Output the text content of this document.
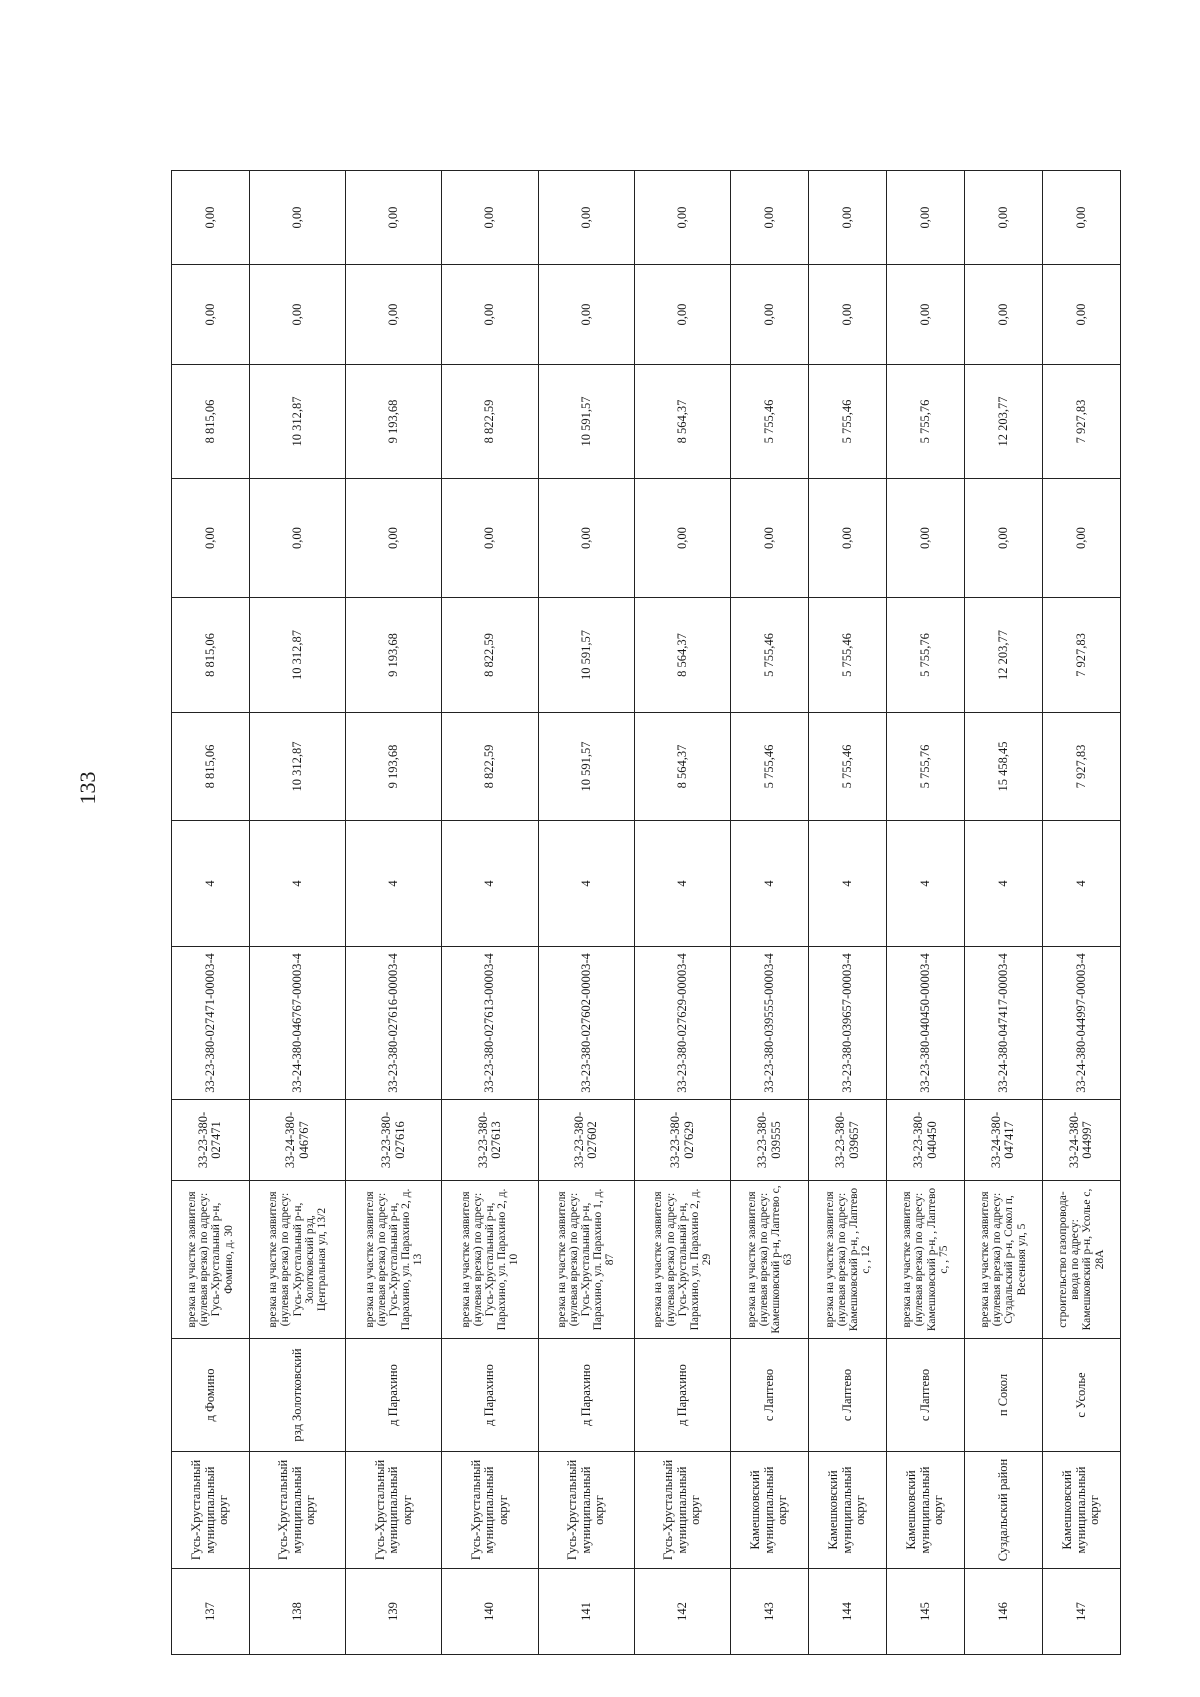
133
137	Гусь-Хрустальный муниципальный округ	д Фомино	врезка на участке заявителя (нулевая врезка) по адресу: Гусь-Хрустальный р-н, Фомино, д. 30	33-23-380-027471	33-23-380-027471-00003-4	4	8 815,06	8 815,06	0,00	8 815,06	0,00	0,00
138	Гусь-Хрустальный муниципальный округ	рзд Золотковский	врезка на участке заявителя (нулевая врезка) по адресу: Гусь-Хрустальный р-н, Золотковский рзд, Центральная ул, 13/2	33-24-380-046767	33-24-380-046767-00003-4	4	10 312,87	10 312,87	0,00	10 312,87	0,00	0,00
139	Гусь-Хрустальный муниципальный округ	д Парахино	врезка на участке заявителя (нулевая врезка) по адресу: Гусь-Хрустальный р-н, Парахино, ул. Парахино 2, д. 13	33-23-380-027616	33-23-380-027616-00003-4	4	9 193,68	9 193,68	0,00	9 193,68	0,00	0,00
140	Гусь-Хрустальный муниципальный округ	д Парахино	врезка на участке заявителя (нулевая врезка) по адресу: Гусь-Хрустальный р-н, Парахино, ул. Парахино 2, д. 10	33-23-380-027613	33-23-380-027613-00003-4	4	8 822,59	8 822,59	0,00	8 822,59	0,00	0,00
141	Гусь-Хрустальный муниципальный округ	д Парахино	врезка на участке заявителя (нулевая врезка) по адресу: Гусь-Хрустальный р-н, Парахино, ул. Парахино 1, д. 87	33-23-380-027602	33-23-380-027602-00003-4	4	10 591,57	10 591,57	0,00	10 591,57	0,00	0,00
142	Гусь-Хрустальный муниципальный округ	д Парахино	врезка на участке заявителя (нулевая врезка) по адресу: Гусь-Хрустальный р-н, Парахино, ул. Парахино 2, д. 29	33-23-380-027629	33-23-380-027629-00003-4	4	8 564,37	8 564,37	0,00	8 564,37	0,00	0,00
143	Камешковский муниципальный округ	с Лаптево	врезка на участке заявителя (нулевая врезка) по адресу: Камешковский р-н, Лаптево с, 63	33-23-380-039555	33-23-380-039555-00003-4	4	5 755,46	5 755,46	0,00	5 755,46	0,00	0,00
144	Камешковский муниципальный округ	с Лаптево	врезка на участке заявителя (нулевая врезка) по адресу: Камешковский р-н, , Лаптево с, , 12	33-23-380-039657	33-23-380-039657-00003-4	4	5 755,46	5 755,46	0,00	5 755,46	0,00	0,00
145	Камешковский муниципальный округ	с Лаптево	врезка на участке заявителя (нулевая врезка) по адресу: Камешковский р-н, , Лаптево с, , 75	33-23-380-040450	33-23-380-040450-00003-4	4	5 755,76	5 755,76	0,00	5 755,76	0,00	0,00
146	Суздальский район	п Сокол	врезка на участке заявителя (нулевая врезка) по адресу: Суздальский р-н, Сокол п, Весенняя ул, 5	33-24-380-047417	33-24-380-047417-00003-4	4	15 458,45	12 203,77	0,00	12 203,77	0,00	0,00
147	Камешковский муниципальный округ	с Усолье	строительство газопровода-ввода по адресу: Камешковский р-н, Усолье с, 28А	33-24-380-044997	33-24-380-044997-00003-4	4	7 927,83	7 927,83	0,00	7 927,83	0,00	0,00
